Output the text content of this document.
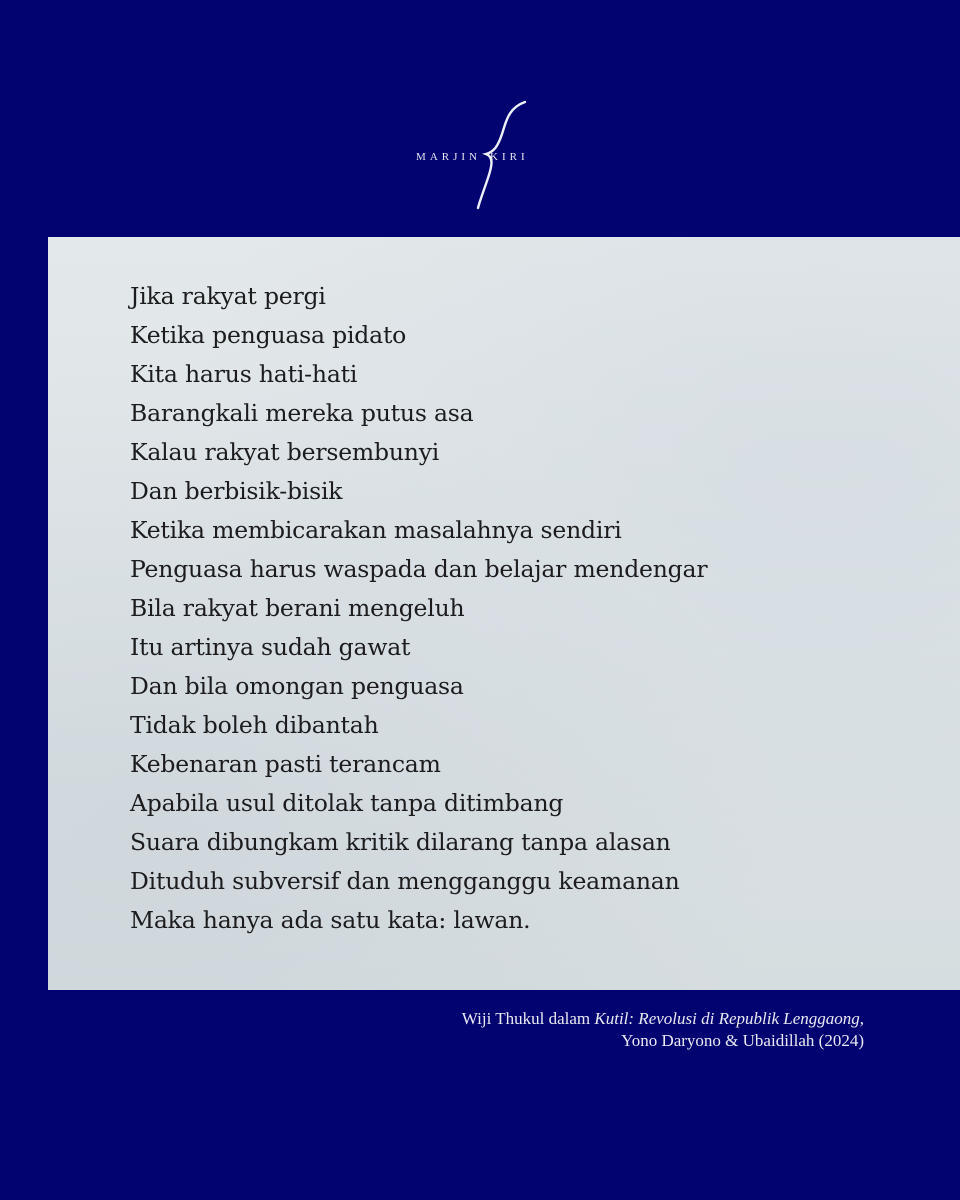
MARJIN KIRI
Jika rakyat pergi
Ketika penguasa pidato
Kita harus hati-hati
Barangkali mereka putus asa
Kalau rakyat bersembunyi
Dan berbisik-bisik
Ketika membicarakan masalahnya sendiri
Penguasa harus waspada dan belajar mendengar
Bila rakyat berani mengeluh
Itu artinya sudah gawat
Dan bila omongan penguasa
Tidak boleh dibantah
Kebenaran pasti terancam
Apabila usul ditolak tanpa ditimbang
Suara dibungkam kritik dilarang tanpa alasan
Dituduh subversif dan mengganggu keamanan
Maka hanya ada satu kata: lawan.
Wiji Thukul dalam Kutil: Revolusi di Republik Lenggaong,
Yono Daryono & Ubaidillah (2024)
